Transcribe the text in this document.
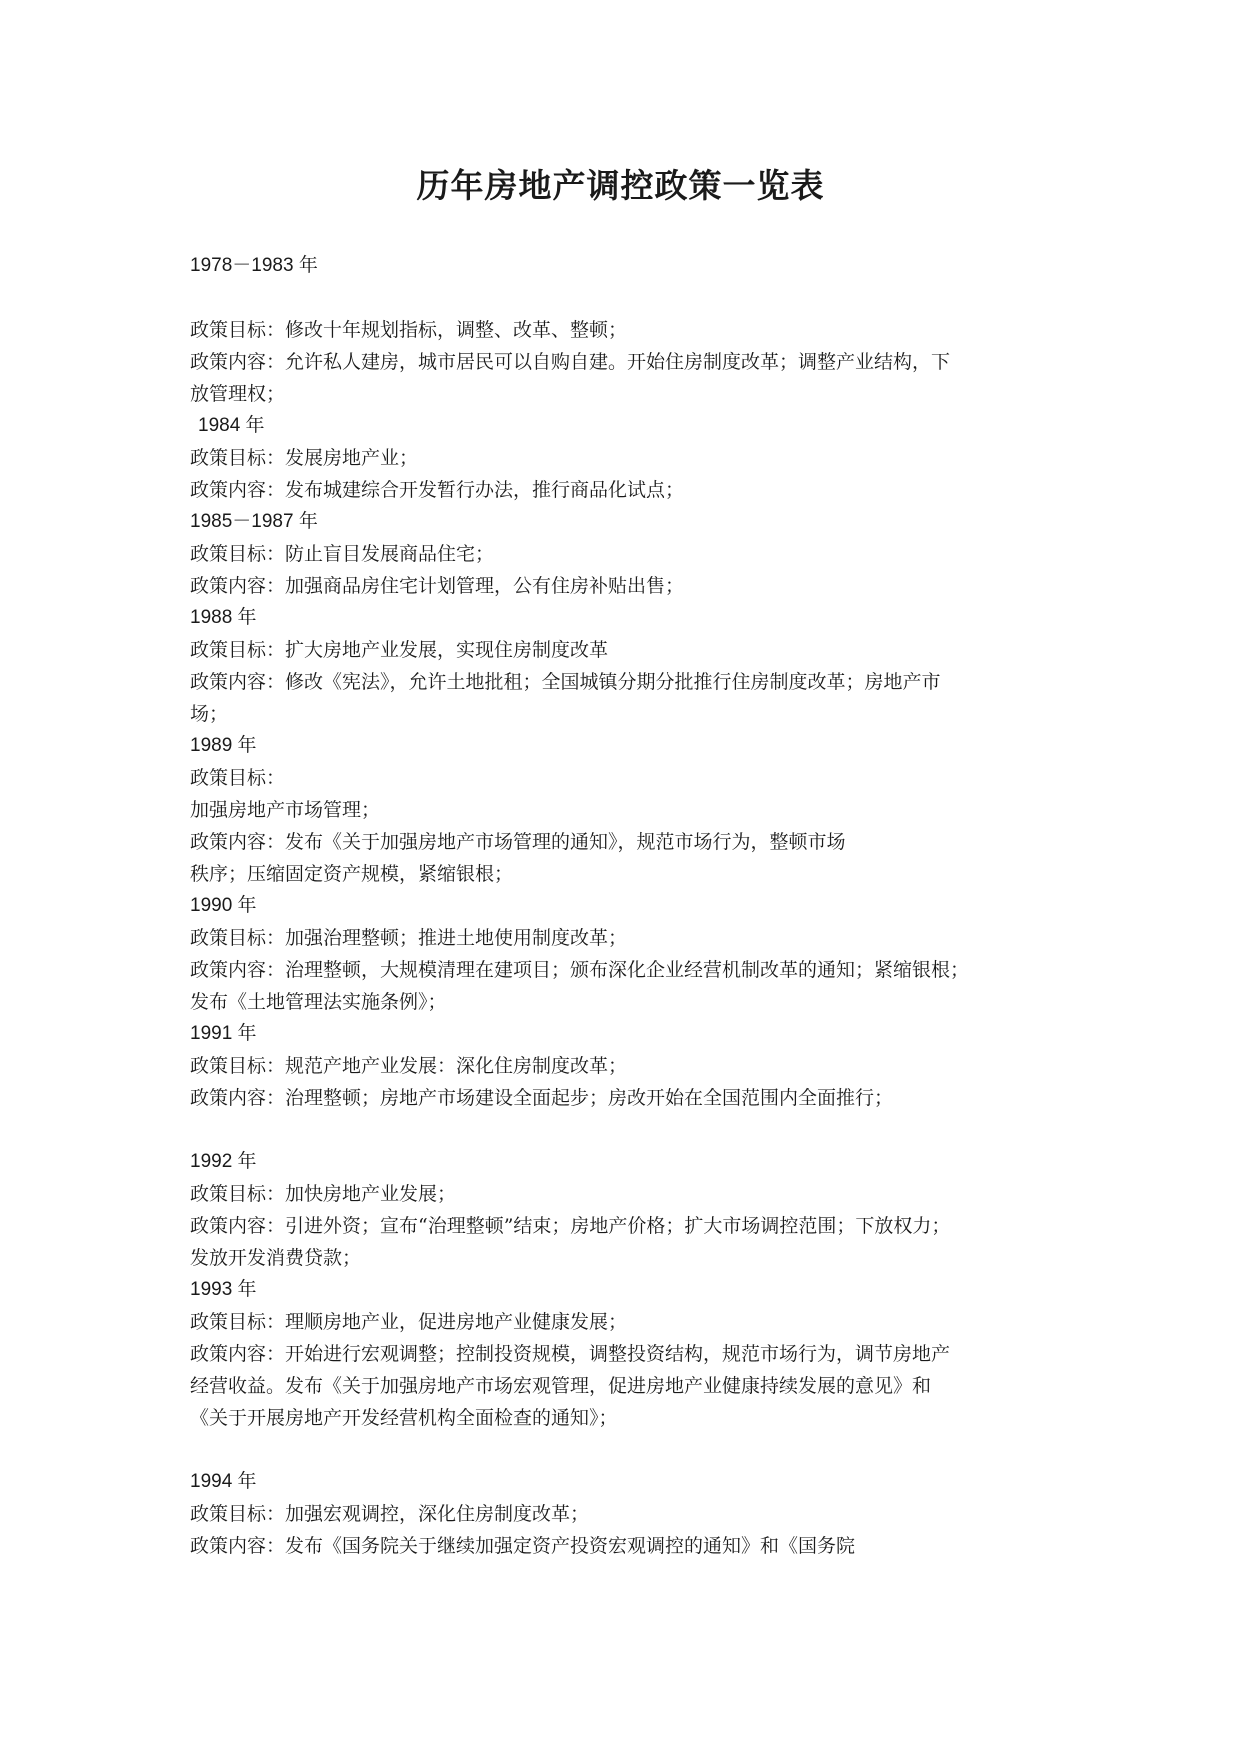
历年房地产调控政策一览表
1978－1983 年
政策目标：修改十年规划指标，调整、改革、整顿；
政策内容：允许私人建房，城市居民可以自购自建。开始住房制度改革；调整产业结构，下
放管理权；
1984 年
政策目标：发展房地产业；
政策内容：发布城建综合开发暂行办法，推行商品化试点；
1985－1987 年
政策目标：防止盲目发展商品住宅；
政策内容：加强商品房住宅计划管理，公有住房补贴出售；
1988 年
政策目标：扩大房地产业发展，实现住房制度改革
政策内容：修改《宪法》，允许土地批租；全国城镇分期分批推行住房制度改革；房地产市
场；
1989 年
政策目标：
加强房地产市场管理；
政策内容：发布《关于加强房地产市场管理的通知》，规范市场行为，整顿市场
秩序；压缩固定资产规模，紧缩银根；
1990 年
政策目标：加强治理整顿；推进土地使用制度改革；
政策内容：治理整顿，大规模清理在建项目；颁布深化企业经营机制改革的通知；紧缩银根；
发布《土地管理法实施条例》；
1991 年
政策目标：规范产地产业发展：深化住房制度改革；
政策内容：治理整顿；房地产市场建设全面起步；房改开始在全国范围内全面推行；
1992 年
政策目标：加快房地产业发展；
政策内容：引进外资；宣布“治理整顿”结束；房地产价格；扩大市场调控范围；下放权力；
发放开发消费贷款；
1993 年
政策目标：理顺房地产业，促进房地产业健康发展；
政策内容：开始进行宏观调整；控制投资规模，调整投资结构，规范市场行为，调节房地产
经营收益。发布《关于加强房地产市场宏观管理，促进房地产业健康持续发展的意见》和
《关于开展房地产开发经营机构全面检查的通知》；
1994 年
政策目标：加强宏观调控，深化住房制度改革；
政策内容：发布《国务院关于继续加强定资产投资宏观调控的通知》和《国务院
